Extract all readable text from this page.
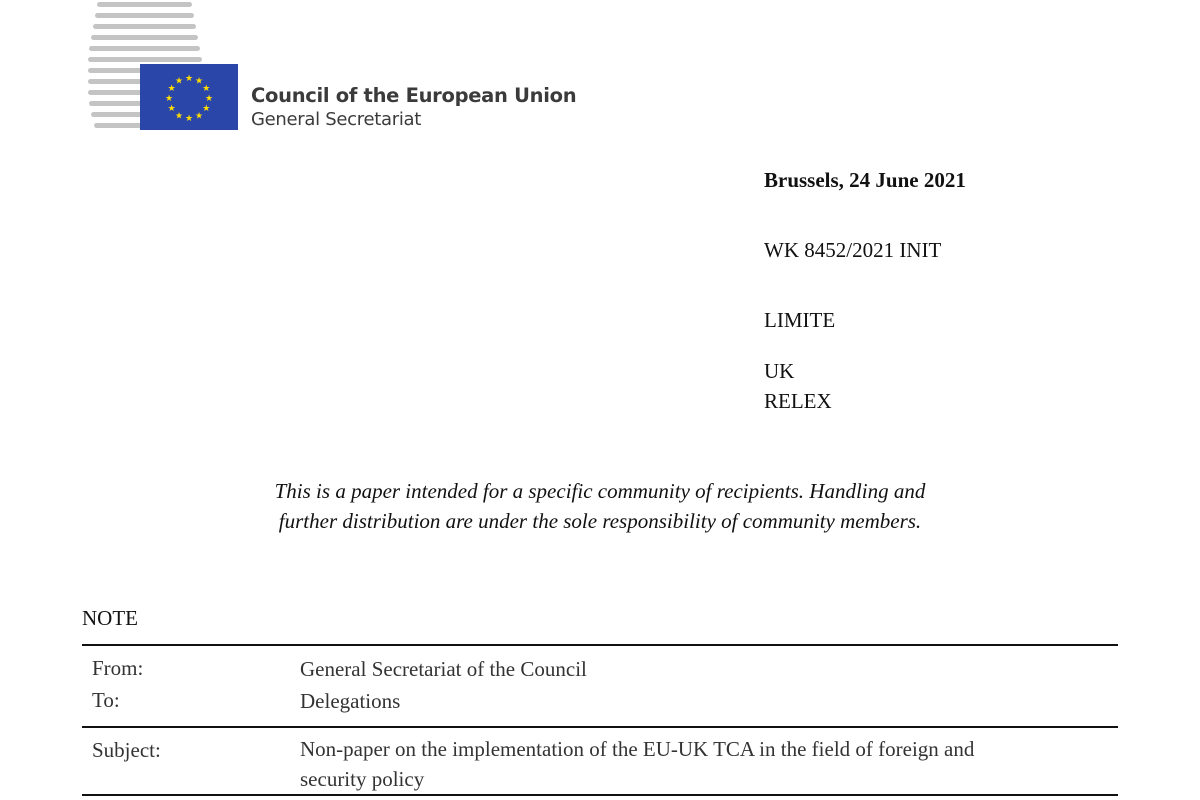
★ ★
★
★
★
★
★
★
★
★
★
★
Council of the European Union
General Secretariat
Brussels, 24 June 2021
WK 8452/2021 INIT
LIMITE
UK
RELEX
This is a paper intended for a specific community of recipients. Handling and
further distribution are under the sole responsibility of community members.
NOTE
From:	General Secretariat of the Council
To:	Delegations
Subject:	Non-paper on the implementation of the EU-UK TCA in the field of foreign and
security policy
